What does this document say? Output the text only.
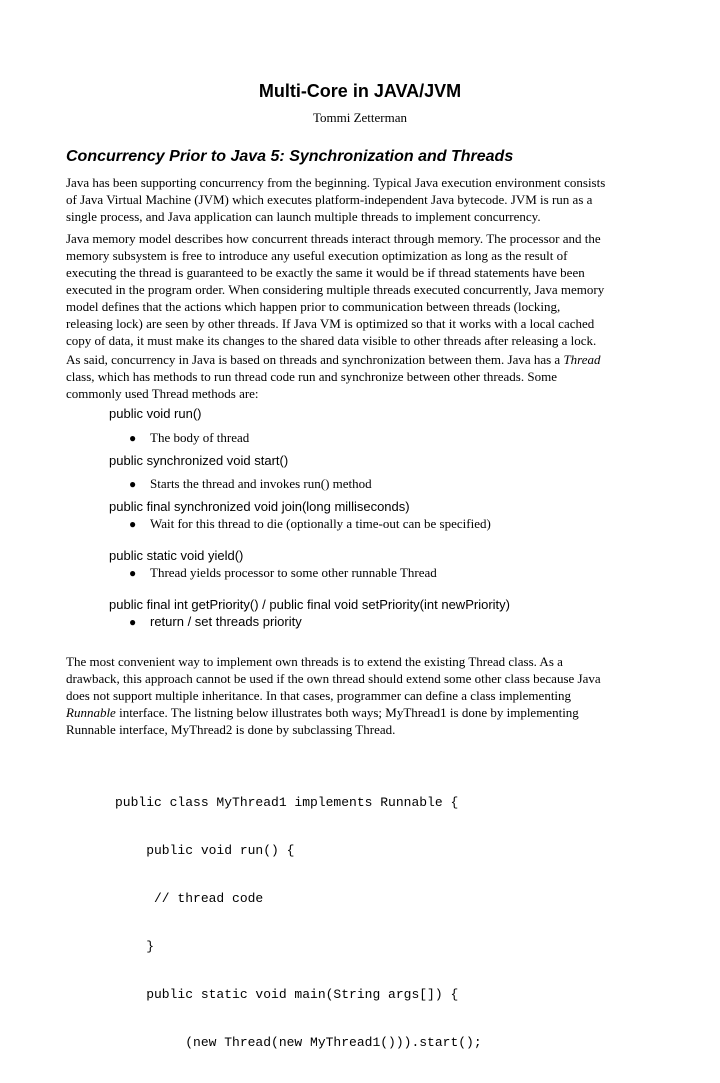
Multi-Core in JAVA/JVM
Tommi Zetterman
Concurrency Prior to Java 5: Synchronization and Threads
Java has been supporting concurrency from the beginning. Typical Java execution environment consists
of Java Virtual Machine (JVM) which executes platform-independent Java bytecode. JVM is run as a
single process, and Java application can launch multiple threads to implement concurrency.
Java memory model describes how concurrent threads interact through memory. The processor and the
memory subsystem is free to introduce any useful execution optimization as long as the result of
executing the thread is guaranteed to be exactly the same it would be if thread statements have been
executed in the program order. When considering multiple threads executed concurrently, Java memory
model defines that the actions which happen prior to communication between threads (locking,
releasing lock) are seen by other threads. If Java VM is optimized so that it works with a local cached
copy of data, it must make its changes to the shared data visible to other threads after releasing a lock.
As said, concurrency in Java is based on threads and synchronization between them. Java has a Thread
class, which has methods to run thread code run and synchronize between other threads. Some
commonly used Thread methods are:
public void run()
● The body of thread
public synchronized void start()
● Starts the thread and invokes run() method
public final synchronized void join(long milliseconds)
● Wait for this thread to die (optionally a time-out can be specified)
public static void yield()
● Thread yields processor to some other runnable Thread
public final int getPriority() / public final void setPriority(int newPriority)
● return / set threads priority
The most convenient way to implement own threads is to extend the existing Thread class. As a
drawback, this approach cannot be used if the own thread should extend some other class because Java
does not support multiple inheritance. In that cases, programmer can define a class implementing
Runnable interface. The listning below illustrates both ways; MyThread1 is done by implementing
Runnable interface, MyThread2 is done by subclassing Thread.

public class MyThread1 implements Runnable {

public void run() {

// thread code

}

public static void main(String args[]) {

(new Thread(new MyThread1())).start();
